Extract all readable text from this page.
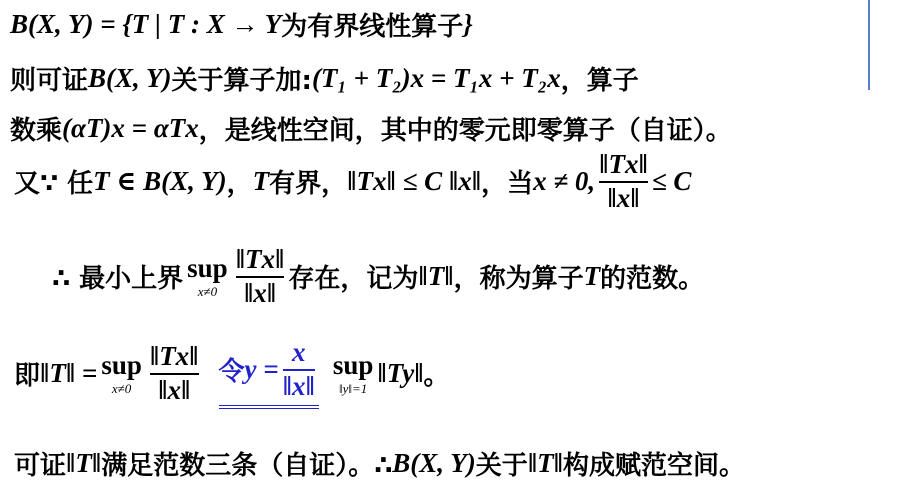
B(X, Y) = {T | T : X → Y 为有界线性算子 }
则可证 B(X, Y) 关于算子加: (T₁ + T₂)x = T₁x + T₂x ，算子
数乘 (αT)x = αTx ，是线性空间，其中的零元即零算子（自证）。
又∵ 任 T ∈ B(X, Y) ， T 有界， ‖Tx‖ ≤ C ‖x‖ ，当 x ≠ 0, $\frac{‖Tx‖}{‖x‖} \le C$
∴ 最小上界 sup
$x\ne 0 \frac{‖Tx‖}{‖x‖}$ 存在，记为 ‖T‖ ，称为算子 T 的范数。
即 ‖T‖ = sup
$x\ne 0 \frac{‖Tx‖}{‖x‖}$ 令 $y = \frac{x}{‖x‖}$ sup
‖y‖=1
‖Ty‖ 。
可证 ‖T‖ 满足范数三条（自证）。∴ B(X, Y) 关于 ‖T‖ 构成赋范空间。
